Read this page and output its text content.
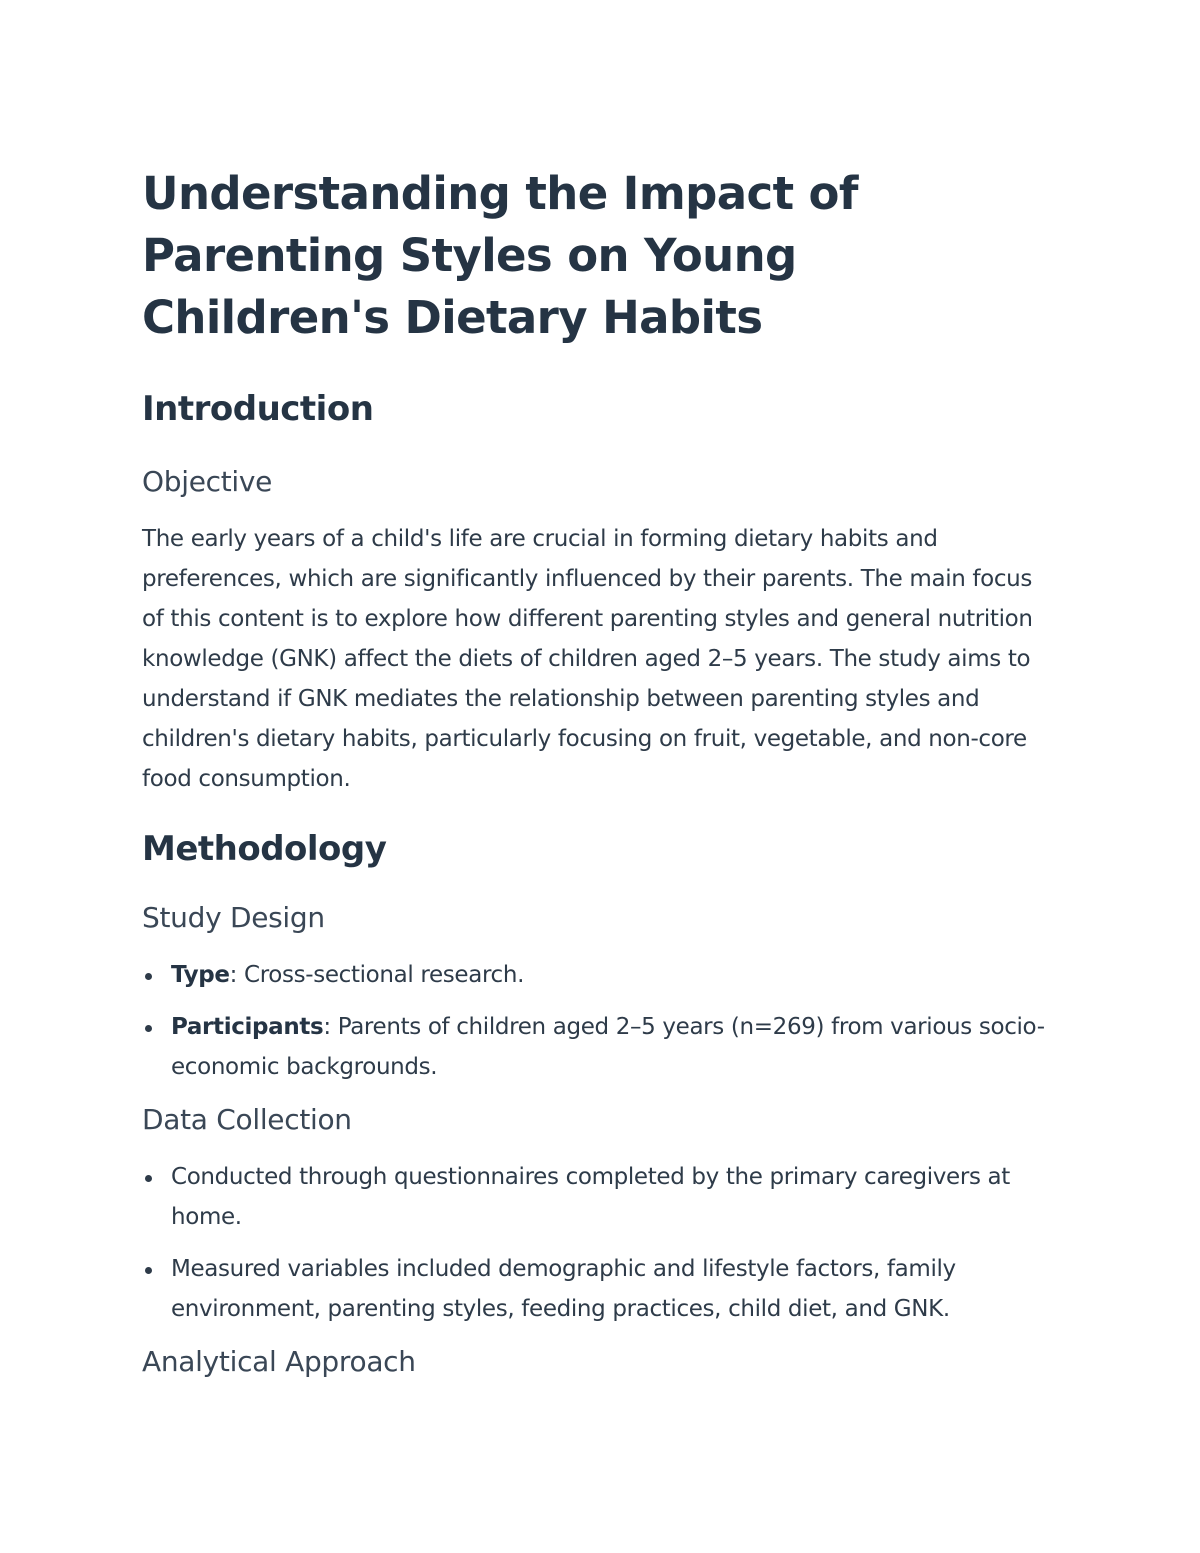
Understanding the Impact of Parenting Styles on Young Children's Dietary Habits
Introduction
Objective

The early years of a child's life are crucial in forming dietary habits and preferences, which are significantly influenced by their parents. The main focus of this content is to explore how different parenting styles and general nutrition knowledge (GNK) affect the diets of children aged 2–5 years. The study aims to understand if GNK mediates the relationship between parenting styles and children's dietary habits, particularly focusing on fruit, vegetable, and non-core food consumption.

Methodology
Study Design
Type: Cross-sectional research.
Participants: Parents of children aged 2–5 years (n=269) from various socio-economic backgrounds.
Data Collection
Conducted through questionnaires completed by the primary caregivers at home.
Measured variables included demographic and lifestyle factors, family environment, parenting styles, feeding practices, child diet, and GNK.
Analytical Approach
